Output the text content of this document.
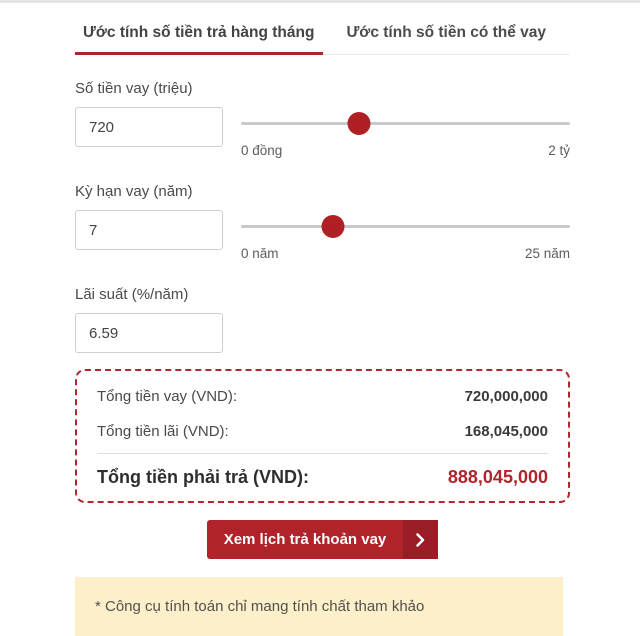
Ước tính số tiền trả hàng tháng	Ước tính số tiền có thể vay
Số tiền vay (triệu)
720
0 đồng	2 tỷ
Kỳ hạn vay (năm)
7
0 năm	25 năm
Lãi suất (%/năm)
6.59
Tổng tiền vay (VND):	720,000,000
Tổng tiền lãi (VND):	168,045,000
Tổng tiền phải trả (VND):	888,045,000
Xem lịch trả khoản vay
* Công cụ tính toán chỉ mang tính chất tham khảo
